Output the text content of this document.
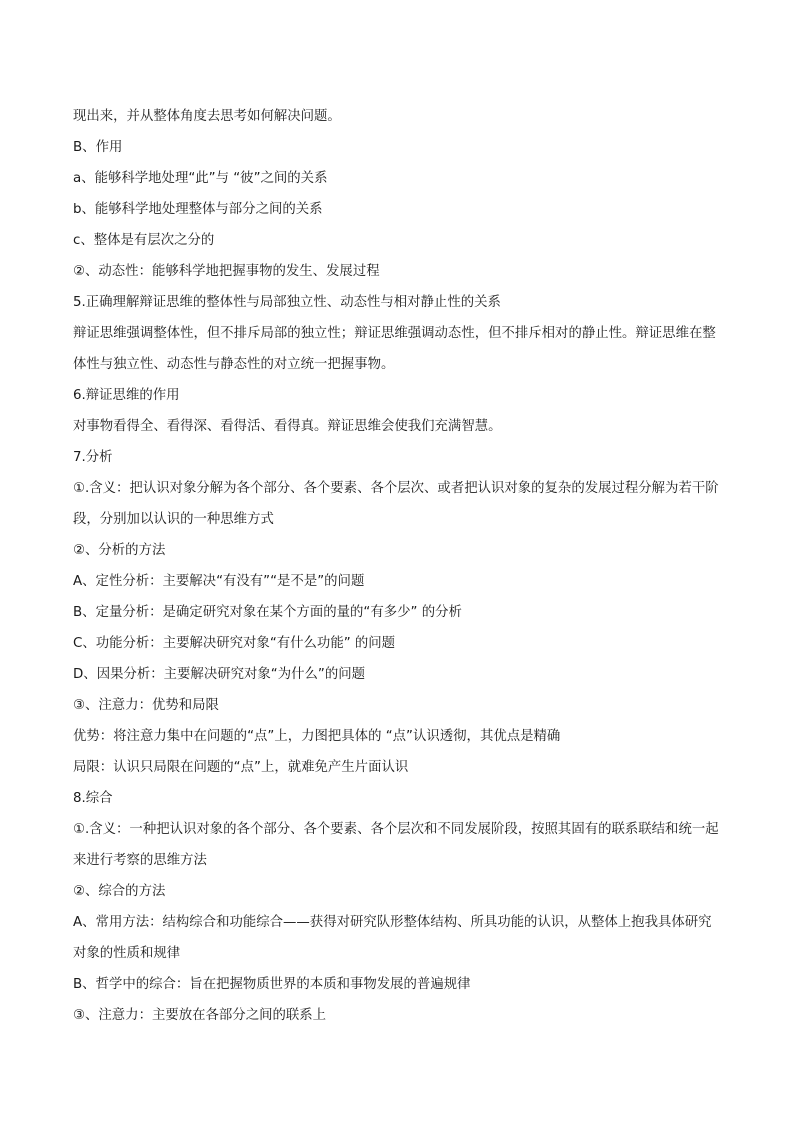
现出来，并从整体角度去思考如何解决问题。

B、作用

a、能够科学地处理“此”与 “彼”之间的关系

b、能够科学地处理整体与部分之间的关系

c、整体是有层次之分的

②、动态性：能够科学地把握事物的发生、发展过程

5.正确理解辩证思维的整体性与局部独立性、动态性与相对静止性的关系

辩证思维强调整体性，但不排斥局部的独立性；辩证思维强调动态性，但不排斥相对的静止性。辩证思维在整体性与独立性、动态性与静态性的对立统一把握事物。

6.辩证思维的作用

对事物看得全、看得深、看得活、看得真。辩证思维会使我们充满智慧。

7.分析

①.含义：把认识对象分解为各个部分、各个要素、各个层次、或者把认识对象的复杂的发展过程分解为若干阶段，分别加以认识的一种思维方式

②、分析的方法

A、定性分析：主要解决“有没有”“是不是”的问题

B、定量分析：是确定研究对象在某个方面的量的“有多少” 的分析

C、功能分析：主要解决研究对象“有什么功能” 的问题

D、因果分析：主要解决研究对象“为什么”的问题

③、注意力：优势和局限

优势：将注意力集中在问题的“点”上，力图把具体的 “点”认识透彻，其优点是精确

局限：认识只局限在问题的“点”上，就难免产生片面认识

8.综合

①.含义：一种把认识对象的各个部分、各个要素、各个层次和不同发展阶段，按照其固有的联系联结和统一起来进行考察的思维方法

②、综合的方法

A、常用方法：结构综合和功能综合——获得对研究队形整体结构、所具功能的认识，从整体上抱我具体研究对象的性质和规律

B、哲学中的综合：旨在把握物质世界的本质和事物发展的普遍规律

③、注意力：主要放在各部分之间的联系上
